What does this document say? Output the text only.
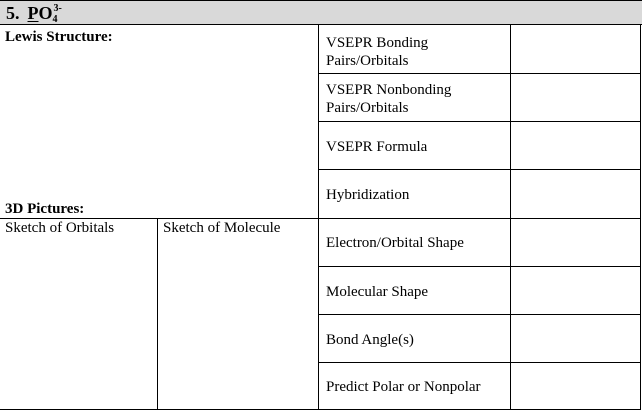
5. $PO_4^{3-}$
Lewis Structure:
3D Pictures:
Sketch of Orbitals	Sketch of Molecule
VSEPR Bonding
Pairs/Orbitals
VSEPR Nonbonding
Pairs/Orbitals
VSEPR Formula
Hybridization
Electron/Orbital Shape
Molecular Shape
Bond Angle(s)
Predict Polar or Nonpolar
